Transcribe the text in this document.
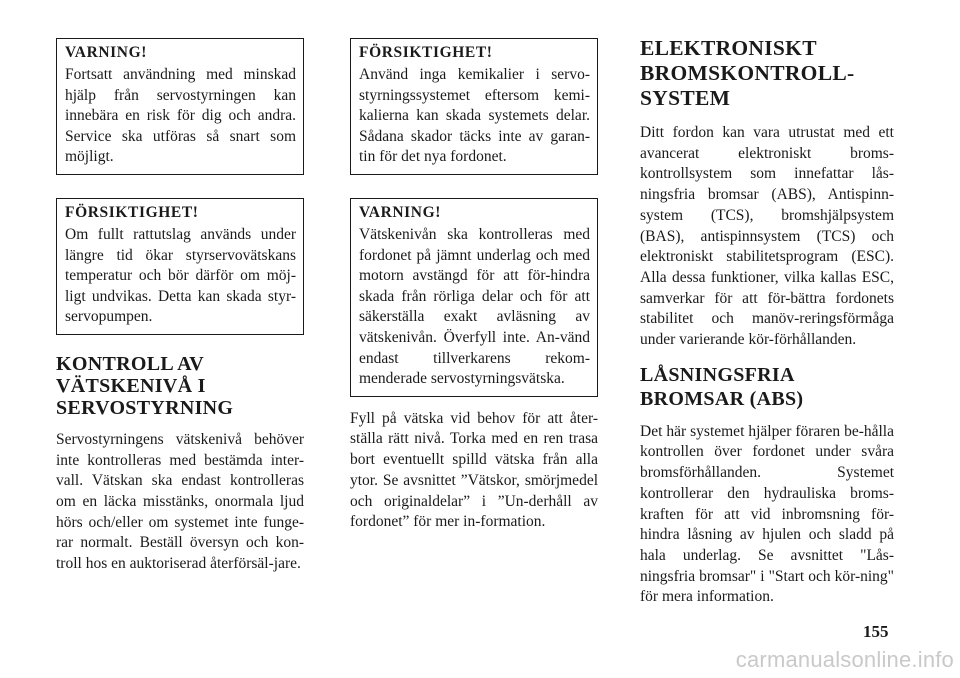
VARNING!

Fortsatt användning med minskad hjälp från servostyrningen kan innebära en risk för dig och andra. Service ska utföras så snart som möjligt.

FÖRSIKTIGHET!

Om fullt rattutslag används under längre tid ökar styrservovätskans temperatur och bör därför om möj-ligt undvikas. Detta kan skada styr-servopumpen.

KONTROLL AV VÄTSKENIVÅ I SERVOSTYRNING

Servostyrningens vätskenivå behöver inte kontrolleras med bestämda inter-vall. Vätskan ska endast kontrolleras om en läcka misstänks, onormala ljud hörs och/eller om systemet inte funge-rar normalt. Beställ översyn och kon-troll hos en auktoriserad återförsäl-jare.

FÖRSIKTIGHET!

Använd inga kemikalier i servo-styrningssystemet eftersom kemi-kalierna kan skada systemets delar. Sådana skador täcks inte av garan-tin för det nya fordonet.

VARNING!

Vätskenivån ska kontrolleras med fordonet på jämnt underlag och med motorn avstängd för att för-hindra skada från rörliga delar och för att säkerställa exakt avläsning av vätskenivån. Överfyll inte. An-vänd endast tillverkarens rekom-menderade servostyrningsvätska.

Fyll på vätska vid behov för att åter-ställa rätt nivå. Torka med en ren trasa bort eventuellt spilld vätska från alla ytor. Se avsnittet ”Vätskor, smörjmedel och originaldelar” i ”Un-derhåll av fordonet” för mer in-formation.

ELEKTRONISKT BROMSKONTROLL-SYSTEM

Ditt fordon kan vara utrustat med ett avancerat elektroniskt broms-kontrollsystem som innefattar lås-ningsfria bromsar (ABS), Antispinn-system (TCS), bromshjälpsystem (BAS), antispinnsystem (TCS) och elektroniskt stabilitetsprogram (ESC). Alla dessa funktioner, vilka kallas ESC, samverkar för att för-bättra fordonets stabilitet och manöv-reringsförmåga under varierande kör-förhållanden.

LÅSNINGSFRIA BROMSAR (ABS)

Det här systemet hjälper föraren be-hålla kontrollen över fordonet under svåra bromsförhållanden. Systemet kontrollerar den hydrauliska broms-kraften för att vid inbromsning för-hindra låsning av hjulen och sladd på hala underlag. Se avsnittet "Lås-ningsfria bromsar" i "Start och kör-ning" för mera information.

155
carmanualsonline.info
